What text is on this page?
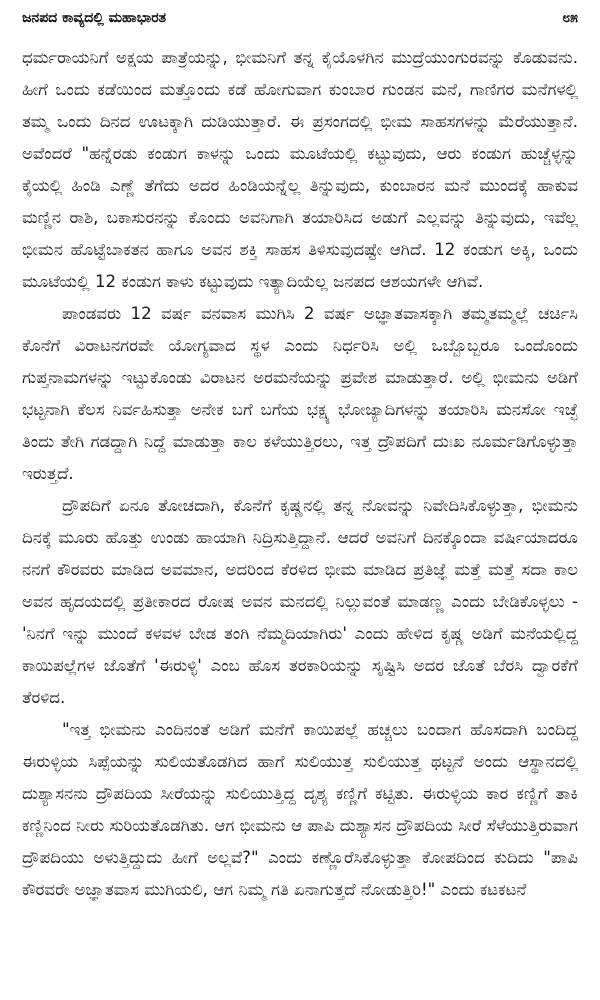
ಜನಪದ ಕಾವ್ಯದಲ್ಲಿ ಮಹಾಭಾರತ	೮೫

ಧರ್ಮರಾಯನಿಗೆ ಅಕ್ಷಯ ಪಾತ್ರೆಯನ್ನು, ಭೀಮನಿಗೆ ತನ್ನ ಕೈಯೊಳಗಿನ ಮುದ್ರೆಯುಂಗುರವನ್ನು ಕೊಡುವನು. ಹೀಗೆ ಒಂದು ಕಡೆಯಿಂದ ಮತ್ತೊಂದು ಕಡೆ ಹೋಗುವಾಗ ಕುಂಬಾರ ಗುಂಡನ ಮನೆ, ಗಾಣಿಗರ ಮನೆಗಳಲ್ಲಿ ತಮ್ಮ ಒಂದು ದಿನದ ಊಟಕ್ಕಾಗಿ ದುಡಿಯುತ್ತಾರೆ. ಈ ಪ್ರಸಂಗದಲ್ಲಿ ಭೀಮ ಸಾಹಸಗಳನ್ನು ಮೆರೆಯುತ್ತಾನೆ. ಅವೆಂದರೆ "ಹನ್ನೆರಡು ಕಂಡುಗ ಕಾಳನ್ನು ಒಂದು ಮೂಟೆಯಲ್ಲಿ ಕಟ್ಟುವುದು, ಆರು ಕಂಡುಗ ಹುಚ್ಚೆಳ್ಳನ್ನು ಕೈಯಲ್ಲಿ ಹಿಂಡಿ ಎಣ್ಣೆ ತೆಗೆದು ಅದರ ಹಿಂಡಿಯನ್ನೆಲ್ಲ ತಿನ್ನುವುದು, ಕುಂಬಾರನ ಮನೆ ಮುಂದಕ್ಕೆ ಹಾಕುವ ಮಣ್ಣಿನ ರಾಶಿ, ಬಕಾಸುರನನ್ನು ಕೊಂದು ಅವನಿಗಾಗಿ ತಯಾರಿಸಿದ ಅಡುಗೆ ಎಲ್ಲವನ್ನು ತಿನ್ನುವುದು, ಇವೆಲ್ಲ ಭೀಮನ ಹೊಟ್ಟೆಬಾಕತನ ಹಾಗೂ ಅವನ ಶಕ್ತಿ ಸಾಹಸ ತಿಳಿಸುವುದಷ್ಟೇ ಆಗಿದೆ. 12 ಕಂಡುಗ ಅಕ್ಕಿ, ಒಂದು ಮೂಟೆಯಲ್ಲಿ 12 ಕಂಡುಗ ಕಾಳು ಕಟ್ಟುವುದು ಇತ್ಯಾದಿಯೆಲ್ಲ ಜನಪದ ಆಶಯಗಳೇ ಆಗಿವೆ.

ಪಾಂಡವರು 12 ವರ್ಷ ವನವಾಸ ಮುಗಿಸಿ 2 ವರ್ಷ ಅಜ್ಞಾತವಾಸಕ್ಕಾಗಿ ತಮ್ಮತಮ್ಮಲ್ಲೆ ಚರ್ಚಿಸಿ ಕೊನೆಗೆ ವಿರಾಟನಗರವೇ ಯೋಗ್ಯವಾದ ಸ್ಥಳ ಎಂದು ನಿರ್ಧರಿಸಿ ಅಲ್ಲಿ ಒಬ್ಬೊಬ್ಬರೂ ಒಂದೊಂದು ಗುಪ್ತನಾಮಗಳನ್ನು ಇಟ್ಟುಕೊಂಡು ವಿರಾಟನ ಅರಮನೆಯನ್ನು ಪ್ರವೇಶ ಮಾಡುತ್ತಾರೆ. ಅಲ್ಲಿ ಭೀಮನು ಅಡಿಗೆ ಭಟ್ಟನಾಗಿ ಕೆಲಸ ನಿರ್ವಹಿಸುತ್ತಾ ಅನೇಕ ಬಗೆ ಬಗೆಯ ಭಕ್ಷ್ಯ ಭೋಜ್ಯಾದಿಗಳನ್ನು ತಯಾರಿಸಿ ಮನಸೋ ಇಚ್ಛೆ ತಿಂದು ತೇಗಿ ಗಡದ್ದಾಗಿ ನಿದ್ದೆ ಮಾಡುತ್ತಾ ಕಾಲ ಕಳೆಯುತ್ತಿರಲು, ಇತ್ತ ದ್ರೌಪದಿಗೆ ದುಃಖ ನೂರ್ಮಡಿಗೊಳ್ಳುತ್ತಾ ಇರುತ್ತದೆ.

ದ್ರೌಪದಿಗೆ ಏನೂ ತೋಚದಾಗಿ, ಕೊನೆಗೆ ಕೃಷ್ಣನಲ್ಲಿ ತನ್ನ ನೋವನ್ನು ನಿವೇದಿಸಿಕೊಳ್ಳುತ್ತಾ, ಭೀಮನು ದಿನಕ್ಕೆ ಮೂರು ಹೊತ್ತು ಉಂಡು ಹಾಯಾಗಿ ನಿದ್ರಿಸುತ್ತಿದ್ದಾನೆ. ಆದರೆ ಅವನಿಗೆ ದಿನಕ್ಕೊಂದಾ ವರ್ಷಿಯಾದರೂ ನನಗೆ ಕೌರವರು ಮಾಡಿದ ಅವಮಾನ, ಅದರಿಂದ ಕೆರಳಿದ ಭೀಮ ಮಾಡಿದ ಪ್ರತಿಜ್ಞೆ ಮತ್ತೆ ಮತ್ತೆ ಸದಾ ಕಾಲ ಅವನ ಹೃದಯದಲ್ಲಿ ಪ್ರತೀಕಾರದ ರೋಷ ಅವನ ಮನದಲ್ಲಿ ನಿಲ್ಲುವಂತೆ ಮಾಡಣ್ಣ ಎಂದು ಬೇಡಿಕೊಳ್ಳಲು - 'ನಿನಗೆ ಇನ್ನು ಮುಂದೆ ಕಳವಳ ಬೇಡ ತಂಗಿ ನೆಮ್ಮದಿಯಾಗಿರು' ಎಂದು ಹೇಳಿದ ಕೃಷ್ಣ ಅಡಿಗೆ ಮನೆಯಲ್ಲಿದ್ದ ಕಾಯಿಪಲ್ಲೆಗಳ ಜೊತೆಗೆ 'ಈರುಳ್ಳಿ' ಎಂಬ ಹೊಸ ತರಕಾರಿಯನ್ನು ಸೃಷ್ಟಿಸಿ ಅದರ ಜೊತೆ ಬೆರಸಿ ದ್ವಾರಕೆಗೆ ತೆರಳಿದ.

"ಇತ್ತ ಭೀಮನು ಎಂದಿನಂತೆ ಅಡಿಗೆ ಮನೆಗೆ ಕಾಯಿಪಲ್ಲೆ ಹಚ್ಚಲು ಬಂದಾಗ ಹೊಸದಾಗಿ ಬಂದಿದ್ದ ಈರುಳ್ಳಿಯ ಸಿಪ್ಪೆಯನ್ನು ಸುಲಿಯತೊಡಗಿದ ಹಾಗೆ ಸುಲಿಯುತ್ತ ಸುಲಿಯುತ್ತ ಥಟ್ಟನೆ ಅಂದು ಆಸ್ಥಾನದಲ್ಲಿ ದುಶ್ಯಾಸನನು ದ್ರೌಪದಿಯ ಸೀರೆಯನ್ನು ಸುಲಿಯುತ್ತಿದ್ದ ದೃಶ್ಯ ಕಣ್ಣಿಗೆ ಕಟ್ಟಿತು. ಈರುಳ್ಳಿಯ ಕಾರ ಕಣ್ಣಿಗೆ ತಾಕಿ ಕಣ್ಣಿನಿಂದ ನೀರು ಸುರಿಯತೊಡಗಿತು. ಆಗ ಭೀಮನು ಆ ಪಾಪಿ ದುಶ್ಯಾಸನ ದ್ರೌಪದಿಯ ಸೀರೆ ಸೆಳೆಯುತ್ತಿರುವಾಗ ದ್ರೌಪದಿಯು ಅಳುತ್ತಿದ್ದುದು ಹೀಗೆ ಅಲ್ಲವೆ?" ಎಂದು ಕಣ್ಣೊರೆಸಿಕೊಳ್ಳುತ್ತಾ ಕೋಪದಿಂದ ಕುದಿದು "ಪಾಪಿ ಕೌರವರೇ ಅಜ್ಞಾತವಾಸ ಮುಗಿಯಲಿ, ಆಗ ನಿಮ್ಮ ಗತಿ ಏನಾಗುತ್ತದೆ ನೋಡುತ್ತಿರಿ!" ಎಂದು ಕಟಕಟನೆ
